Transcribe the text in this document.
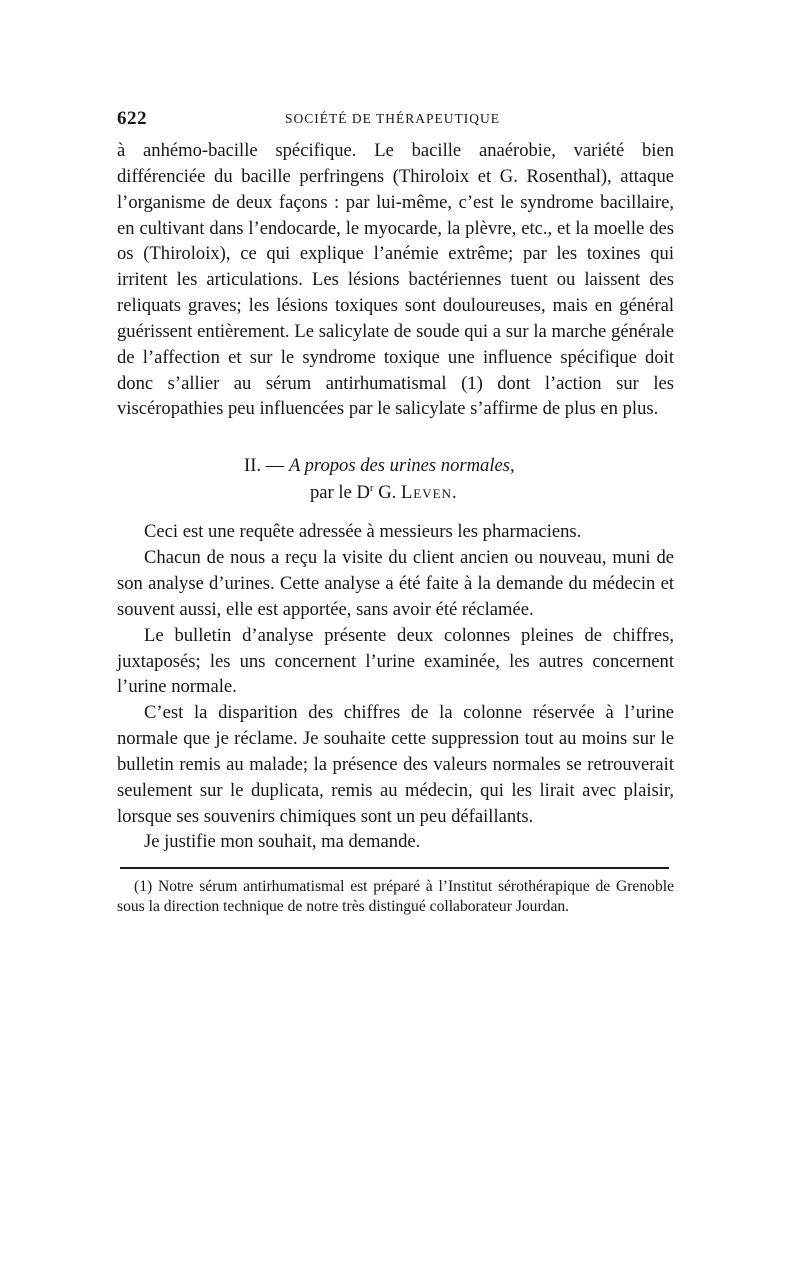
622	SOCIÉTÉ DE THÉRAPEUTIQUE

à anhémo-bacille spécifique. Le bacille anaérobie, variété bien différenciée du bacille perfringens (Thiroloix et G. Rosenthal), attaque l’organisme de deux façons : par lui-même, c’est le syndrome bacillaire, en cultivant dans l’endocarde, le myocarde, la plèvre, etc., et la moelle des os (Thiroloix), ce qui explique l’anémie extrême; par les toxines qui irritent les articulations. Les lésions bactériennes tuent ou laissent des reliquats graves; les lésions toxiques sont douloureuses, mais en général guérissent entièrement. Le salicylate de soude qui a sur la marche générale de l’affection et sur le syndrome toxique une influence spécifique doit donc s’allier au sérum antirhumatismal (1) dont l’action sur les viscéropathies peu influencées par le salicylate s’affirme de plus en plus.

II. — A propos des urines normales,
par le $D^r$ G. Leven.

Ceci est une requête adressée à messieurs les pharmaciens.

Chacun de nous a reçu la visite du client ancien ou nouveau, muni de son analyse d’urines. Cette analyse a été faite à la demande du médecin et souvent aussi, elle est apportée, sans avoir été réclamée.

Le bulletin d’analyse présente deux colonnes pleines de chiffres, juxtaposés; les uns concernent l’urine examinée, les autres concernent l’urine normale.

C’est la disparition des chiffres de la colonne réservée à l’urine normale que je réclame. Je souhaite cette suppression tout au moins sur le bulletin remis au malade; la présence des valeurs normales se retrouverait seulement sur le duplicata, remis au médecin, qui les lirait avec plaisir, lorsque ses souvenirs chimiques sont un peu défaillants.

Je justifie mon souhait, ma demande.

(1) Notre sérum antirhumatismal est préparé à l’Institut sérothérapique de Grenoble sous la direction technique de notre très distingué collaborateur Jourdan.
